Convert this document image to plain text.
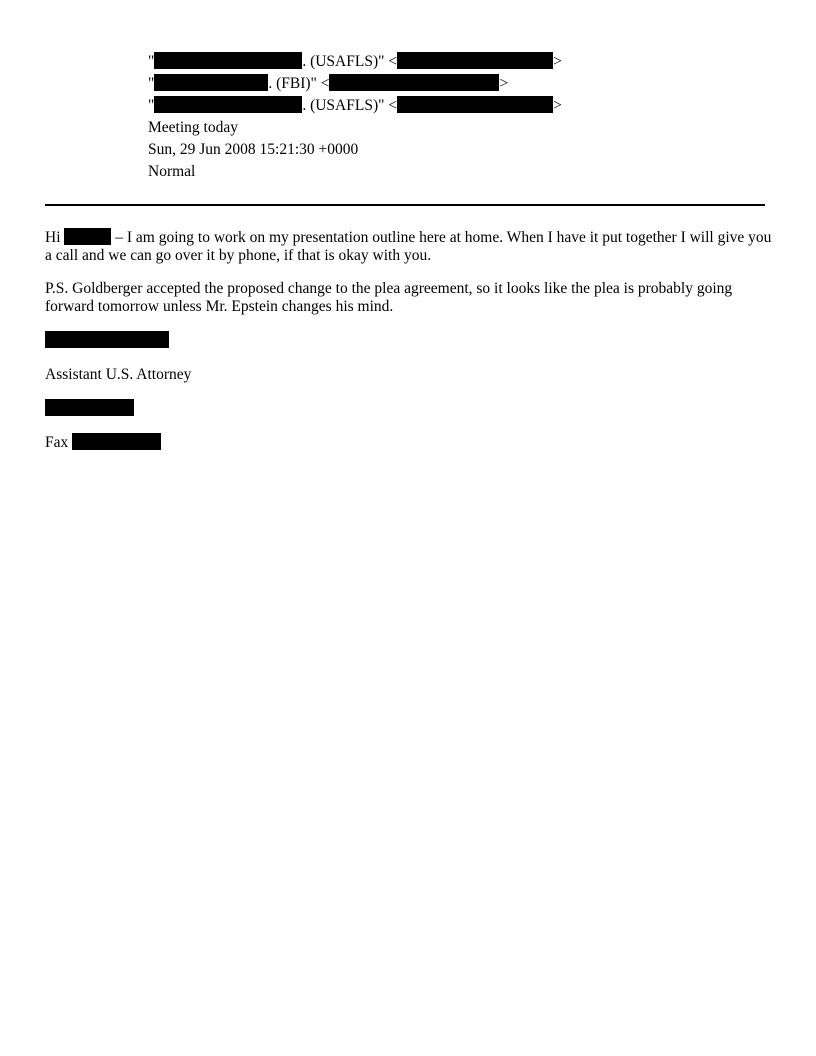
"	. (USAFLS)" <	>
"	. (FBI)" <	>
"	. (USAFLS)" <	>
Meeting today
Sun, 29 Jun 2008 15:21:30 +0000
Normal

Hi	– I am going to work on my presentation outline here at home. When I have it put together I will give you a call and we can go over it by phone, if that is okay with you.

P.S. Goldberger accepted the proposed change to the plea agreement, so it looks like the plea is probably going forward tomorrow unless Mr. Epstein changes his mind.

Assistant U.S. Attorney
Fax
